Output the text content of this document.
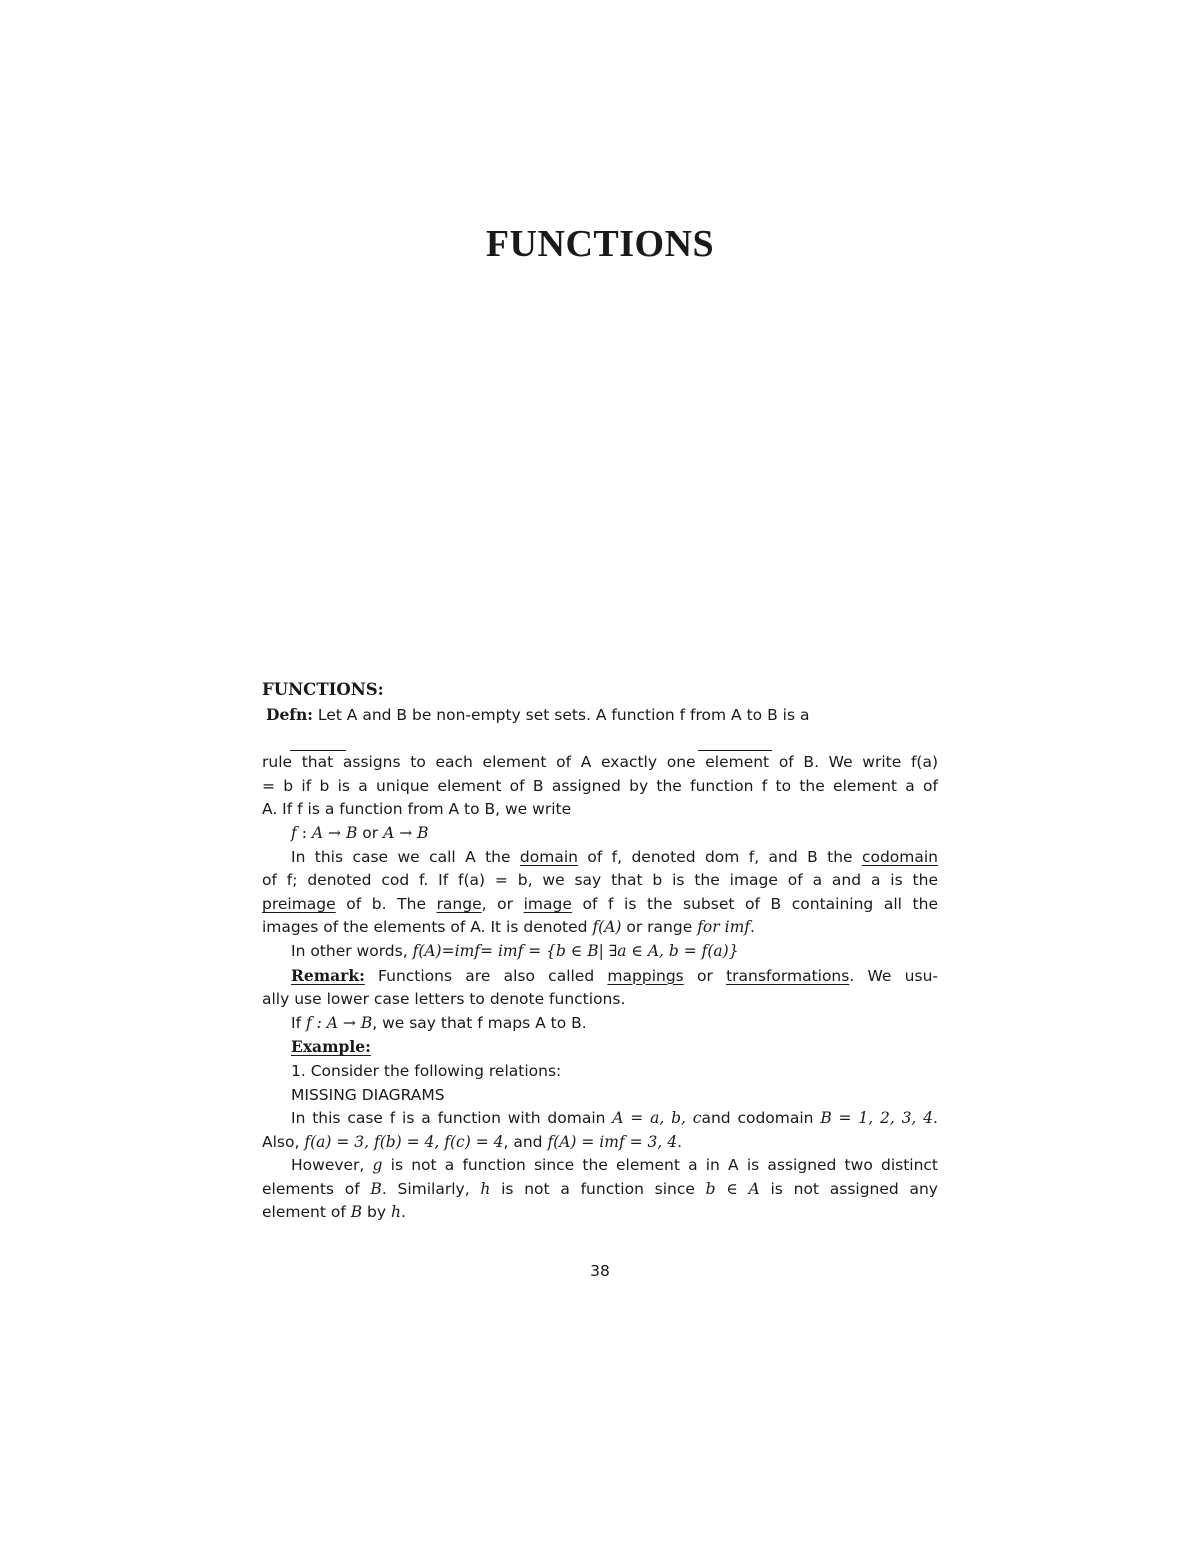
FUNCTIONS
FUNCTIONS:
Defn: Let A and B be non-empty set sets. A function f from A to B is a
rule that assigns to each element of A exactly one element of B. We write f(a)
= b if b is a unique element of B assigned by the function f to the element a of
A. If f is a function from A to B, we write
f : A → B or A → B
In this case we call A the domain of f, denoted dom f, and B the codomain
of f; denoted cod f. If f(a) = b, we say that b is the image of a and a is the
preimage of b. The range, or image of f is the subset of B containing all the
images of the elements of A. It is denoted f(A) or range for imf.
In other words, f(A)=imf= imf = {b ∈ B| ∃a ∈ A, b = f(a)}
Remark: Functions are also called mappings or transformations. We usu-
ally use lower case letters to denote functions.
If f : A → B, we say that f maps A to B.
Example:
1. Consider the following relations:
MISSING DIAGRAMS
In this case f is a function with domain A = a, b, cand codomain B = 1, 2, 3, 4.
Also, f(a) = 3, f(b) = 4, f(c) = 4, and f(A) = imf = 3, 4.
However, g is not a function since the element a in A is assigned two distinct
elements of B. Similarly, h is not a function since b ∈ A is not assigned any
element of B by h.
38
